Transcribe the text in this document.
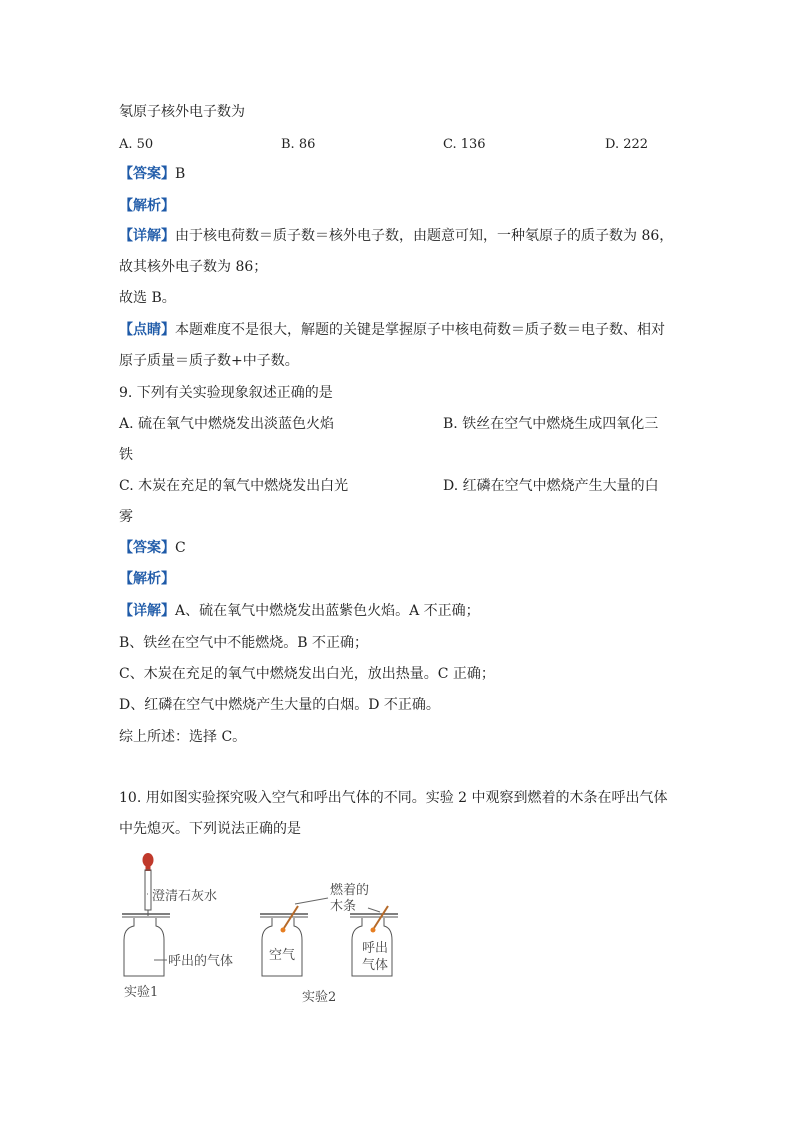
氡原子核外电子数为
A. 50	B. 86	C. 136	D. 222
【答案】B
【解析】
【详解】由于核电荷数＝质子数＝核外电子数，由题意可知，一种氡原子的质子数为 86，
故其核外电子数为 86；
故选 B。
【点睛】本题难度不是很大，解题的关键是掌握原子中核电荷数＝质子数＝电子数、相对
原子质量＝质子数+中子数。
9. 下列有关实验现象叙述正确的是
A. 硫在氧气中燃烧发出淡蓝色火焰	B. 铁丝在空气中燃烧生成四氧化三
铁
C. 木炭在充足的氧气中燃烧发出白光	D. 红磷在空气中燃烧产生大量的白
雾
【答案】C
【解析】
【详解】A、硫在氧气中燃烧发出蓝紫色火焰。A 不正确；
B、铁丝在空气中不能燃烧。B 不正确；
C、木炭在充足的氧气中燃烧发出白光，放出热量。C 正确；
D、红磷在空气中燃烧产生大量的白烟。D 不正确。
综上所述：选择 C。
10. 用如图实验探究吸入空气和呼出气体的不同。实验 2 中观察到燃着的木条在呼出气体
中先熄灭。下列说法正确的是
澄清石灰水
呼出的气体
实验1
燃着的
木条
空气	呼出
气体
实验2
